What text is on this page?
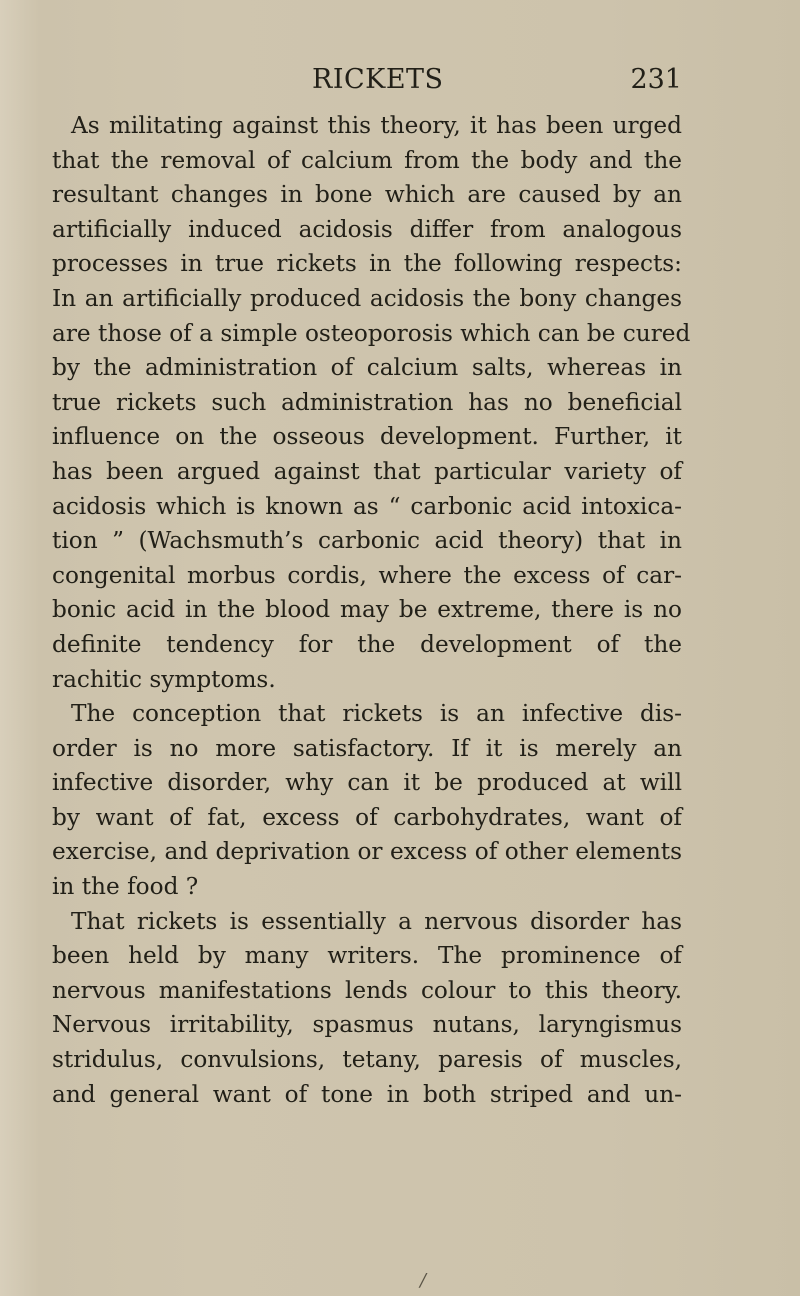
RICKETS	231
As militating against this theory, it has been urged
that the removal of calcium from the body and the
resultant changes in bone which are caused by an
artificially induced acidosis differ from analogous
processes in true rickets in the following respects:
In an artificially produced acidosis the bony changes
are those of a simple osteoporosis which can be cured
by the administration of calcium salts, whereas in
true rickets such administration has no beneficial
influence on the osseous development. Further, it
has been argued against that particular variety of
acidosis which is known as “ carbonic acid intoxica-
tion ” (Wachsmuth’s carbonic acid theory) that in
congenital morbus cordis, where the excess of car-
bonic acid in the blood may be extreme, there is no
definite tendency for the development of the
rachitic symptoms.
The conception that rickets is an infective dis-
order is no more satisfactory. If it is merely an
infective disorder, why can it be produced at will
by want of fat, excess of carbohydrates, want of
exercise, and deprivation or excess of other elements
in the food ?
That rickets is essentially a nervous disorder has
been held by many writers. The prominence of
nervous manifestations lends colour to this theory.
Nervous irritability, spasmus nutans, laryngismus
stridulus, convulsions, tetany, paresis of muscles,
and general want of tone in both striped and un-
/
